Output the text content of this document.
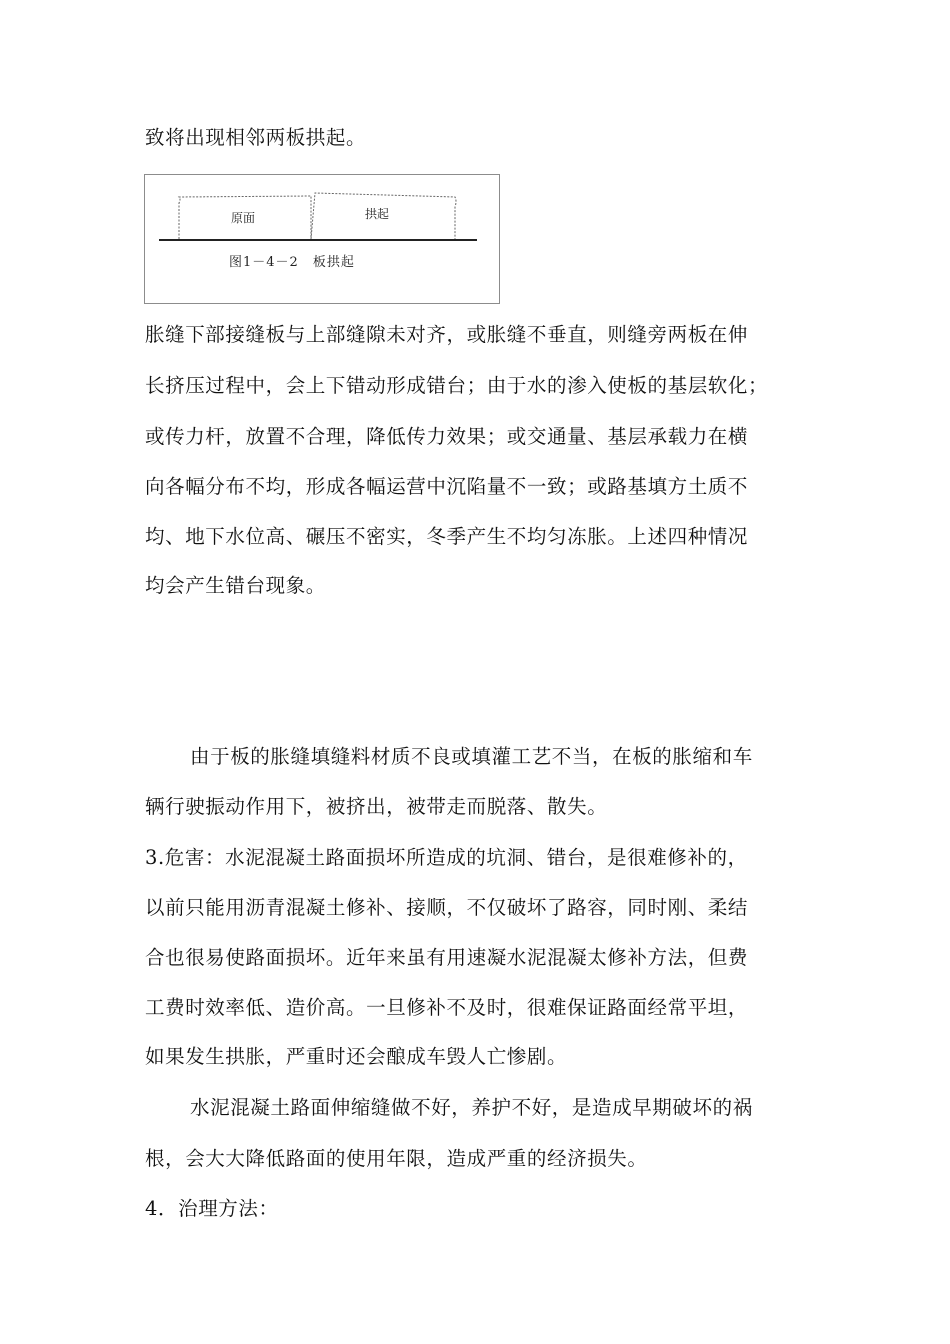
致将出现相邻两板拱起。

原面	拱起
图1－4－2　板拱起

胀缝下部接缝板与上部缝隙未对齐，或胀缝不垂直，则缝旁两板在伸

长挤压过程中，会上下错动形成错台；由于水的渗入使板的基层软化；

或传力杆，放置不合理，降低传力效果；或交通量、基层承载力在横

向各幅分布不均，形成各幅运营中沉陷量不一致；或路基填方土质不

均、地下水位高、碾压不密实，冬季产生不均匀冻胀。上述四种情况

均会产生错台现象。

由于板的胀缝填缝料材质不良或填灌工艺不当，在板的胀缩和车

辆行驶振动作用下，被挤出，被带走而脱落、散失。

3.危害：水泥混凝土路面损坏所造成的坑洞、错台，是很难修补的，

以前只能用沥青混凝土修补、接顺，不仅破坏了路容，同时刚、柔结

合也很易使路面损坏。近年来虽有用速凝水泥混凝太修补方法，但费

工费时效率低、造价高。一旦修补不及时，很难保证路面经常平坦，

如果发生拱胀，严重时还会酿成车毁人亡惨剧。

水泥混凝土路面伸缩缝做不好，养护不好，是造成早期破坏的祸

根，会大大降低路面的使用年限，造成严重的经济损失。

4．治理方法：
